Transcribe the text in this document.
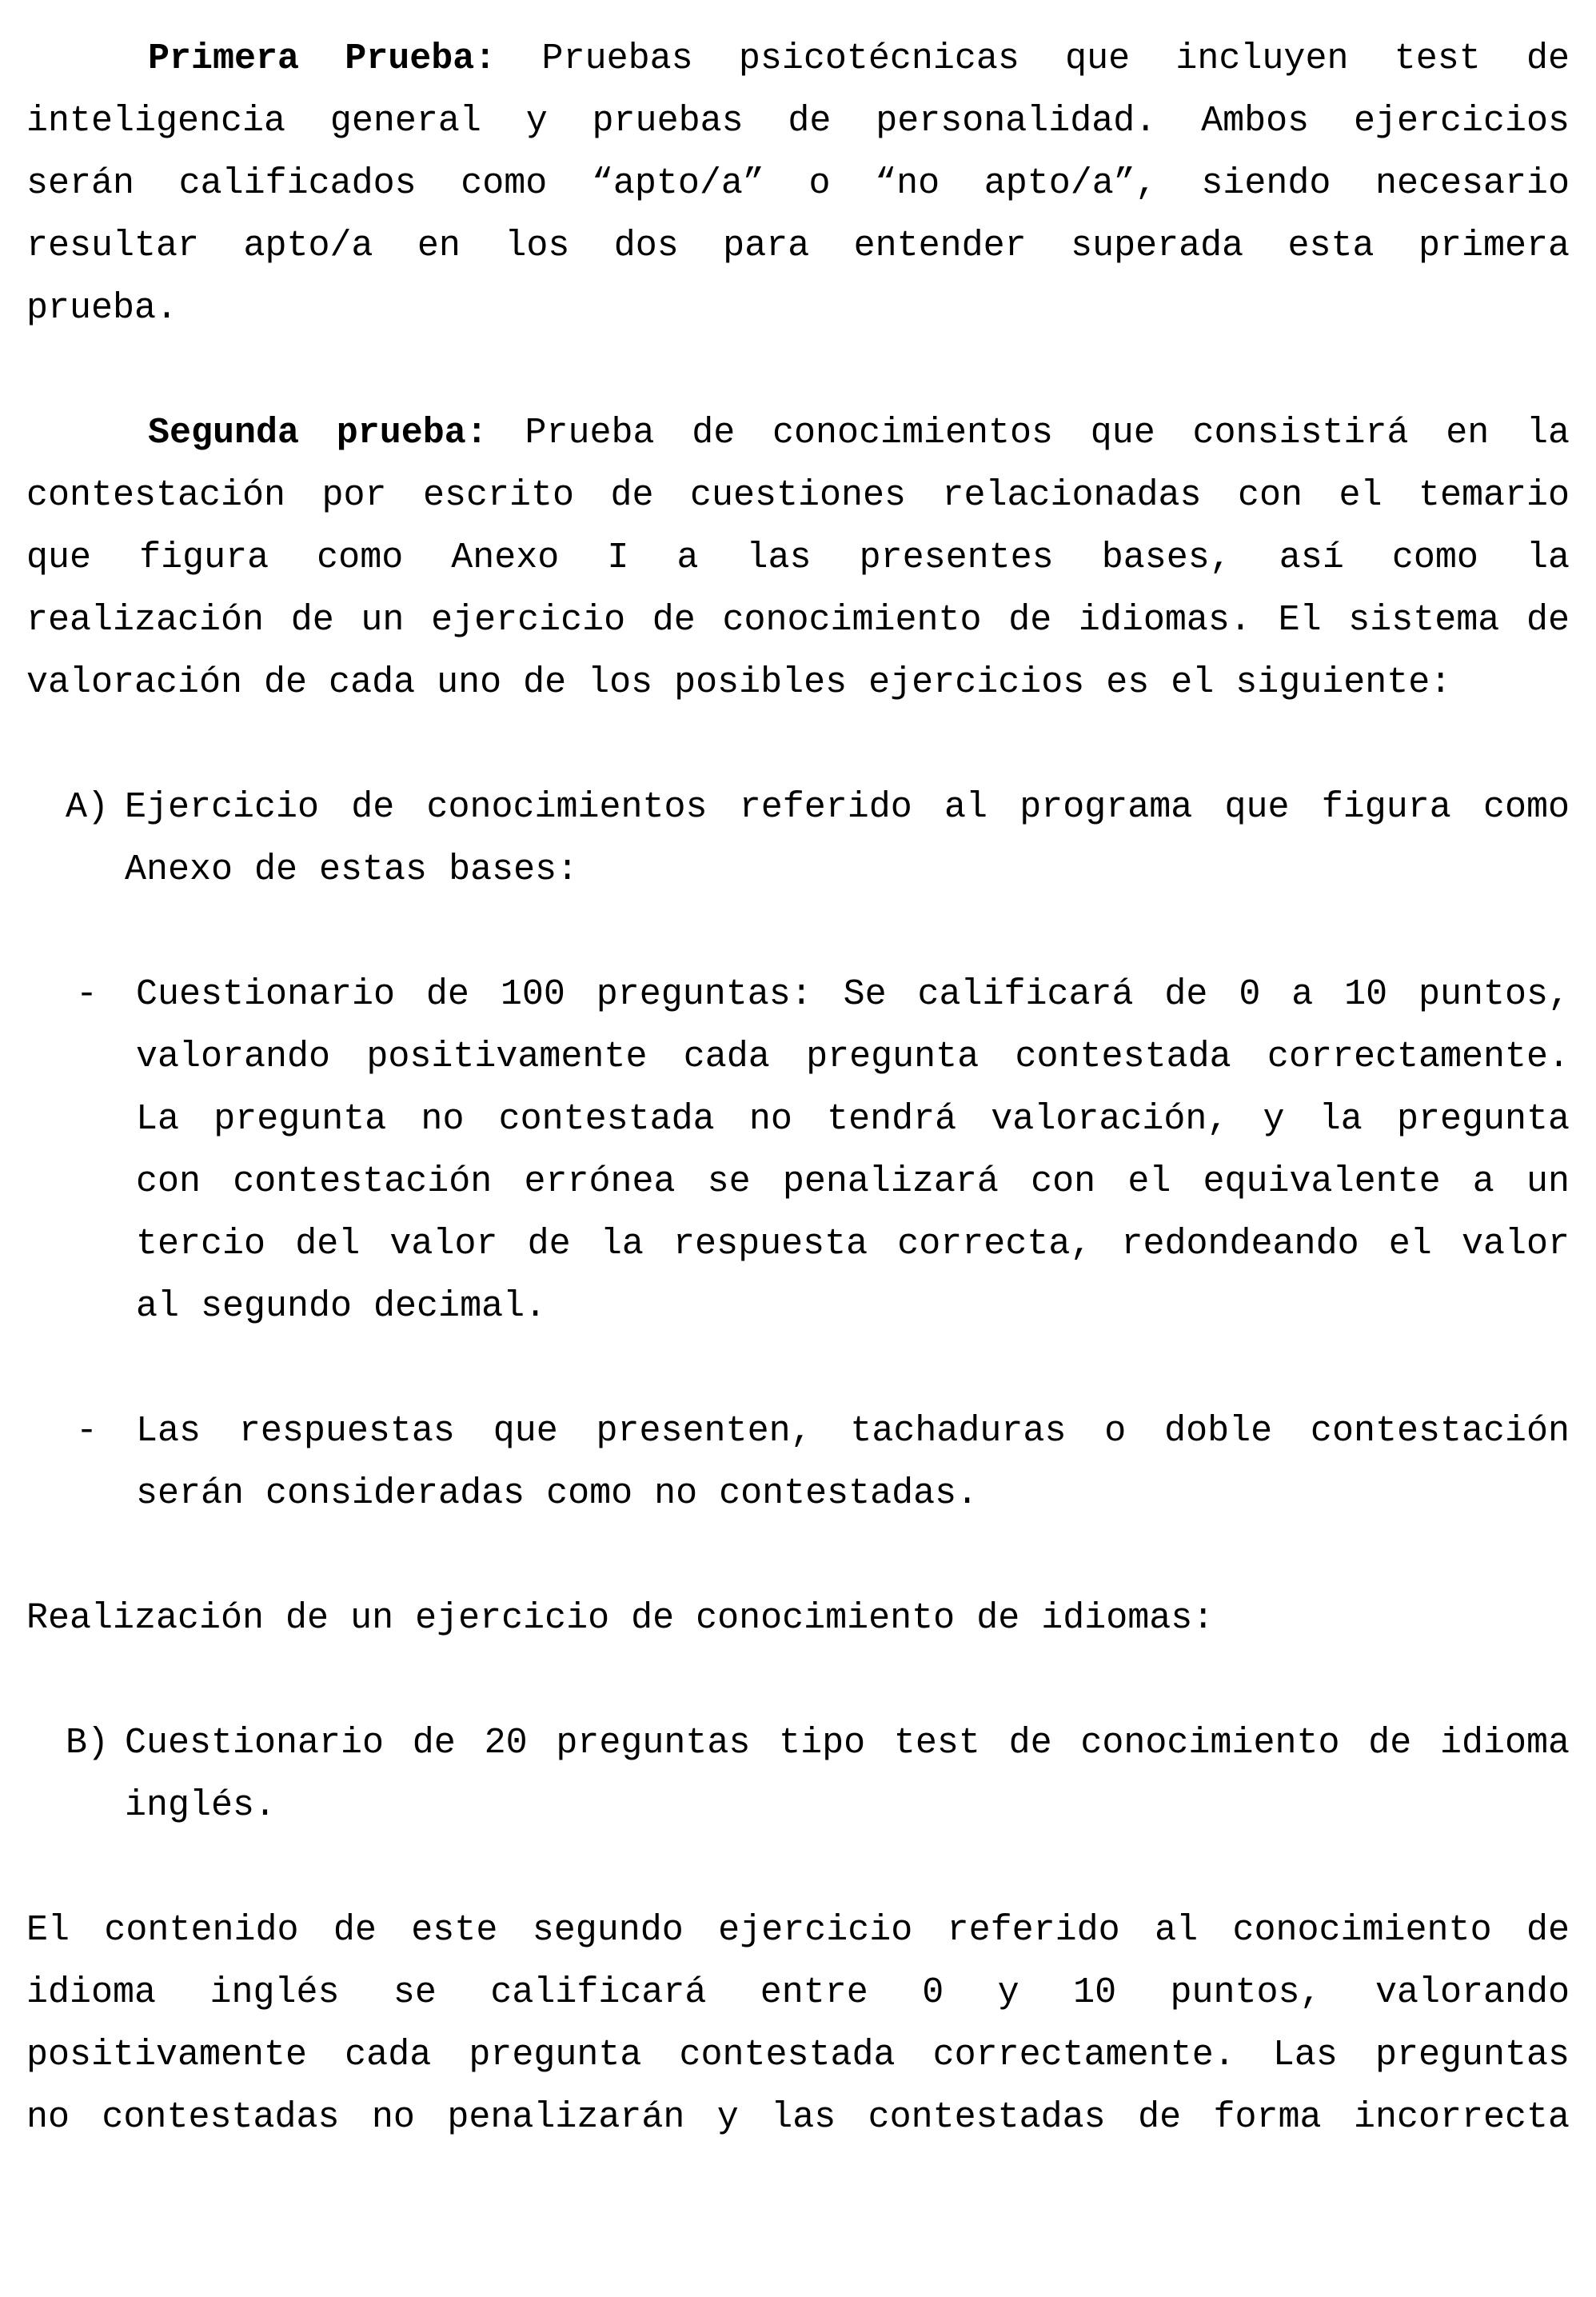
Primera Prueba: Pruebas psicotécnicas que incluyen test de
inteligencia general y pruebas de personalidad. Ambos ejercicios
serán calificados como “apto/a” o “no apto/a”, siendo necesario
resultar apto/a en los dos para entender superada esta primera
prueba.
Segunda prueba: Prueba de conocimientos que consistirá en la
contestación por escrito de cuestiones relacionadas con el temario
que figura como Anexo I a las presentes bases, así como la
realización de un ejercicio de conocimiento de idiomas. El sistema de
valoración de cada uno de los posibles ejercicios es el siguiente:
A) Ejercicio de conocimientos referido al programa que figura como
Anexo de estas bases:
- Cuestionario de 100 preguntas: Se calificará de 0 a 10 puntos,
valorando positivamente cada pregunta contestada correctamente.
La pregunta no contestada no tendrá valoración, y la pregunta
con contestación errónea se penalizará con el equivalente a un
tercio del valor de la respuesta correcta, redondeando el valor
al segundo decimal.
- Las respuestas que presenten, tachaduras o doble contestación
serán consideradas como no contestadas.
Realización de un ejercicio de conocimiento de idiomas:
B) Cuestionario de 20 preguntas tipo test de conocimiento de idioma
inglés.
El contenido de este segundo ejercicio referido al conocimiento de
idioma inglés se calificará entre 0 y 10 puntos, valorando
positivamente cada pregunta contestada correctamente. Las preguntas
no contestadas no penalizarán y las contestadas de forma incorrecta
